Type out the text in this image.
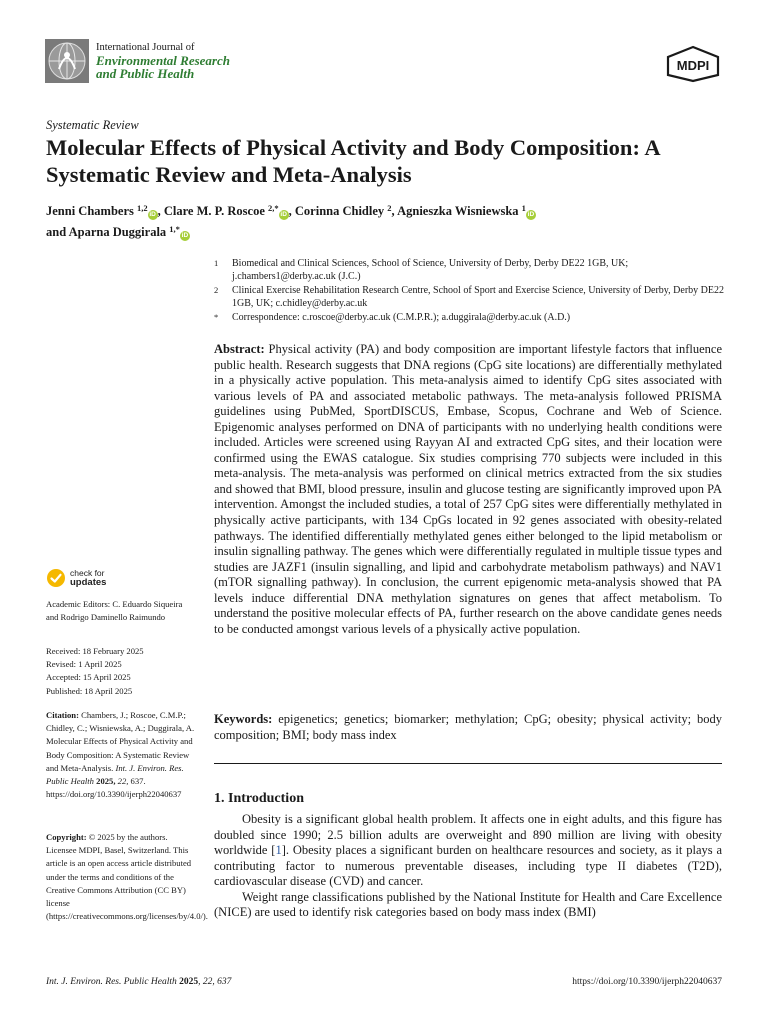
International Journal of
Environmental Research
and Public Health
MDPI
Systematic Review
Molecular Effects of Physical Activity and Body Composition: A Systematic Review and Meta-Analysis
Jenni Chambers $^{1,2}$iD , Clare M. P. Roscoe $^{2,*}$iD , Corinna Chidley $^2$, Agnieszka Wisniewska $^1$iD
and Aparna Duggirala $^{1,*}$iD
1	Biomedical and Clinical Sciences, School of Science, University of Derby, Derby DE22 1GB, UK; j.chambers1@derby.ac.uk (J.C.)
2	Clinical Exercise Rehabilitation Research Centre, School of Sport and Exercise Science, University of Derby, Derby DE22 1GB, UK; c.chidley@derby.ac.uk
*	Correspondence: c.roscoe@derby.ac.uk (C.M.P.R.); a.duggirala@derby.ac.uk (A.D.)
Abstract: Physical activity (PA) and body composition are important lifestyle factors that influence public health. Research suggests that DNA regions (CpG site locations) are differentially methylated in a physically active population. This meta-analysis aimed to identify CpG sites associated with various levels of PA and associated metabolic pathways. The meta-analysis followed PRISMA guidelines using PubMed, SportDISCUS, Embase, Scopus, Cochrane and Web of Science. Epigenomic analyses performed on DNA of participants with no underlying health conditions were included. Articles were screened using Rayyan AI and extracted CpG sites, and their location were confirmed using the EWAS catalogue. Six studies comprising 770 subjects were included in this meta-analysis. The meta-analysis was performed on clinical metrics extracted from the six studies and showed that BMI, blood pressure, insulin and glucose testing are significantly improved upon PA intervention. Amongst the included studies, a total of 257 CpG sites were differentially methylated in physically active participants, with 134 CpGs located in 92 genes associated with obesity-related pathways. The identified differentially methylated genes either belonged to the lipid metabolism or insulin signalling pathway. The genes which were differentially regulated in multiple tissue types and studies are JAZF1 (insulin signalling, and lipid and carbohydrate metabolism pathways) and NAV1 (mTOR signalling pathway). In conclusion, the current epigenomic meta-analysis showed that PA levels induce differential DNA methylation signatures on genes that affect metabolism. To understand the positive molecular effects of PA, further research on the above candidate genes needs to be conducted amongst various levels of a physically active population.
Keywords: epigenetics; genetics; biomarker; methylation; CpG; obesity; physical activity; body composition; BMI; body mass index
1. Introduction

Obesity is a significant global health problem. It affects one in eight adults, and this figure has doubled since 1990; 2.5 billion adults are overweight and 890 million are living with obesity worldwide [1]. Obesity places a significant burden on healthcare resources and society, as it plays a contributing factor to numerous preventable diseases, including type II diabetes (T2D), cardiovascular disease (CVD) and cancer.

Weight range classifications published by the National Institute for Health and Care Excellence (NICE) are used to identify risk categories based on body mass index (BMI)

check for
updates
Academic Editors: C. Eduardo Siqueira and Rodrigo Daminello Raimundo
Received: 18 February 2025
Revised: 1 April 2025
Accepted: 15 April 2025
Published: 18 April 2025
Citation: Chambers, J.; Roscoe, C.M.P.; Chidley, C.; Wisniewska, A.; Duggirala, A. Molecular Effects of Physical Activity and Body Composition: A Systematic Review and Meta-Analysis. Int. J. Environ. Res. Public Health 2025, 22, 637. https://doi.org/10.3390/ijerph22040637
Copyright: © 2025 by the authors. Licensee MDPI, Basel, Switzerland. This article is an open access article distributed under the terms and conditions of the Creative Commons Attribution (CC BY) license (https://creativecommons.org/licenses/by/4.0/).
Int. J. Environ. Res. Public Health 2025, 22, 637	https://doi.org/10.3390/ijerph22040637
